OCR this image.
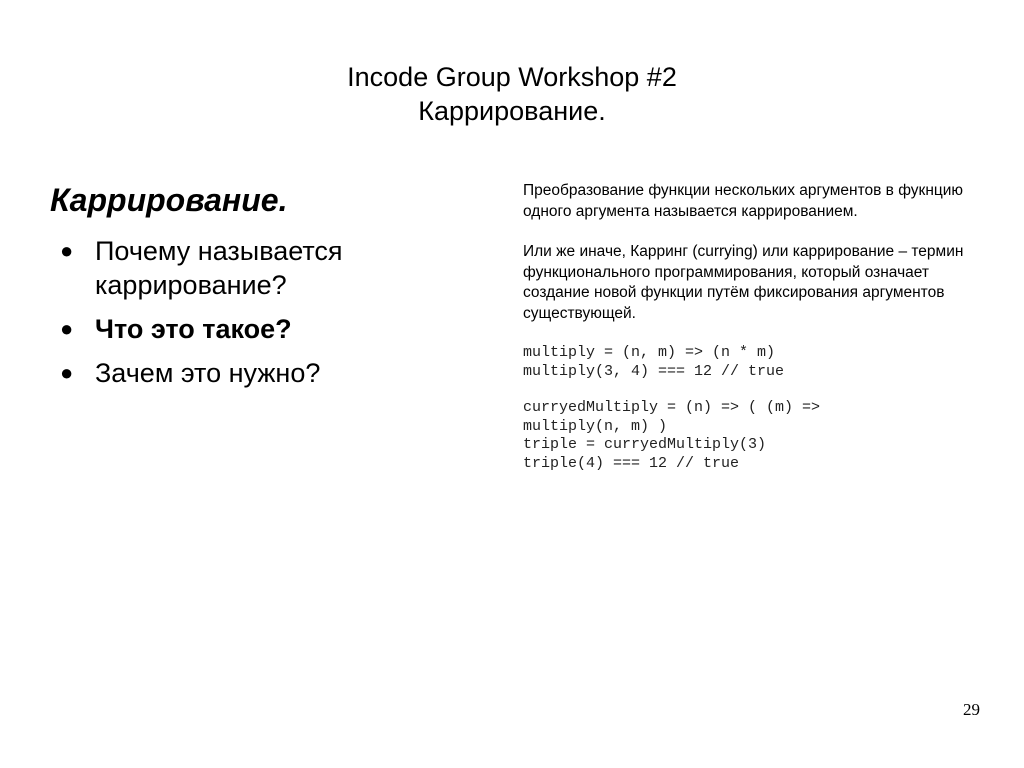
Incode Group Workshop #2
Каррирование.
Каррирование.
● Почему называется каррирование?
● Что это такое?
● Зачем это нужно?

Преобразование функции нескольких аргументов в фукнцию одного аргумента называется каррированием.

Или же иначе, Карринг (currying) или каррирование – термин функционального программирования, который означает создание новой функции путём фиксирования аргументов существующей.

multiply = (n, m) => (n * m)
multiply(3, 4) === 12 // true
curryedMultiply = (n) => ( (m) =>
multiply(n, m) )
triple = curryedMultiply(3)
triple(4) === 12 // true
29
